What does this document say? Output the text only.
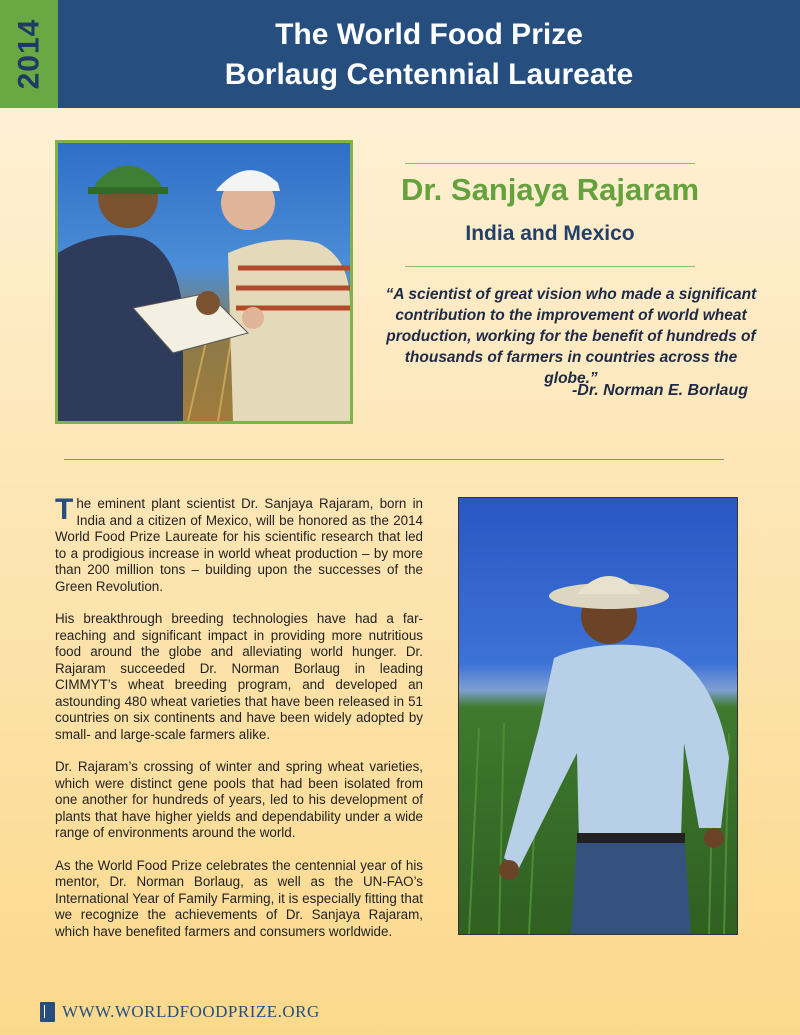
2014	The World Food Prize
Borlaug Centennial Laureate
Dr. Sanjaya Rajaram
India and Mexico
“A scientist of great vision who made a significant contribution to the improvement of world wheat production, working for the benefit of hundreds of thousands of farmers in countries across the globe.”
-Dr. Norman E. Borlaug

The eminent plant scientist Dr. Sanjaya Rajaram, born in India and a citizen of Mexico, will be honored as the 2014 World Food Prize Laureate for his scientific research that led to a prodigious increase in world wheat production – by more than 200 million tons – building upon the successes of the Green Revolution.

His breakthrough breeding technologies have had a far-reaching and significant impact in providing more nutritious food around the globe and alleviating world hunger. Dr. Rajaram succeeded Dr. Norman Borlaug in leading CIMMYT’s wheat breeding program, and developed an astounding 480 wheat varieties that have been released in 51 countries on six continents and have been widely adopted by small- and large-scale farmers alike.

Dr. Rajaram’s crossing of winter and spring wheat varieties, which were distinct gene pools that had been isolated from one another for hundreds of years, led to his development of plants that have higher yields and dependability under a wide range of environments around the world.

As the World Food Prize celebrates the centennial year of his mentor, Dr. Norman Borlaug, as well as the UN-FAO’s International Year of Family Farming, it is especially fitting that we recognize the achievements of Dr. Sanjaya Rajaram, which have benefited farmers and consumers worldwide.

WWW.WORLDFOODPRIZE.ORG
